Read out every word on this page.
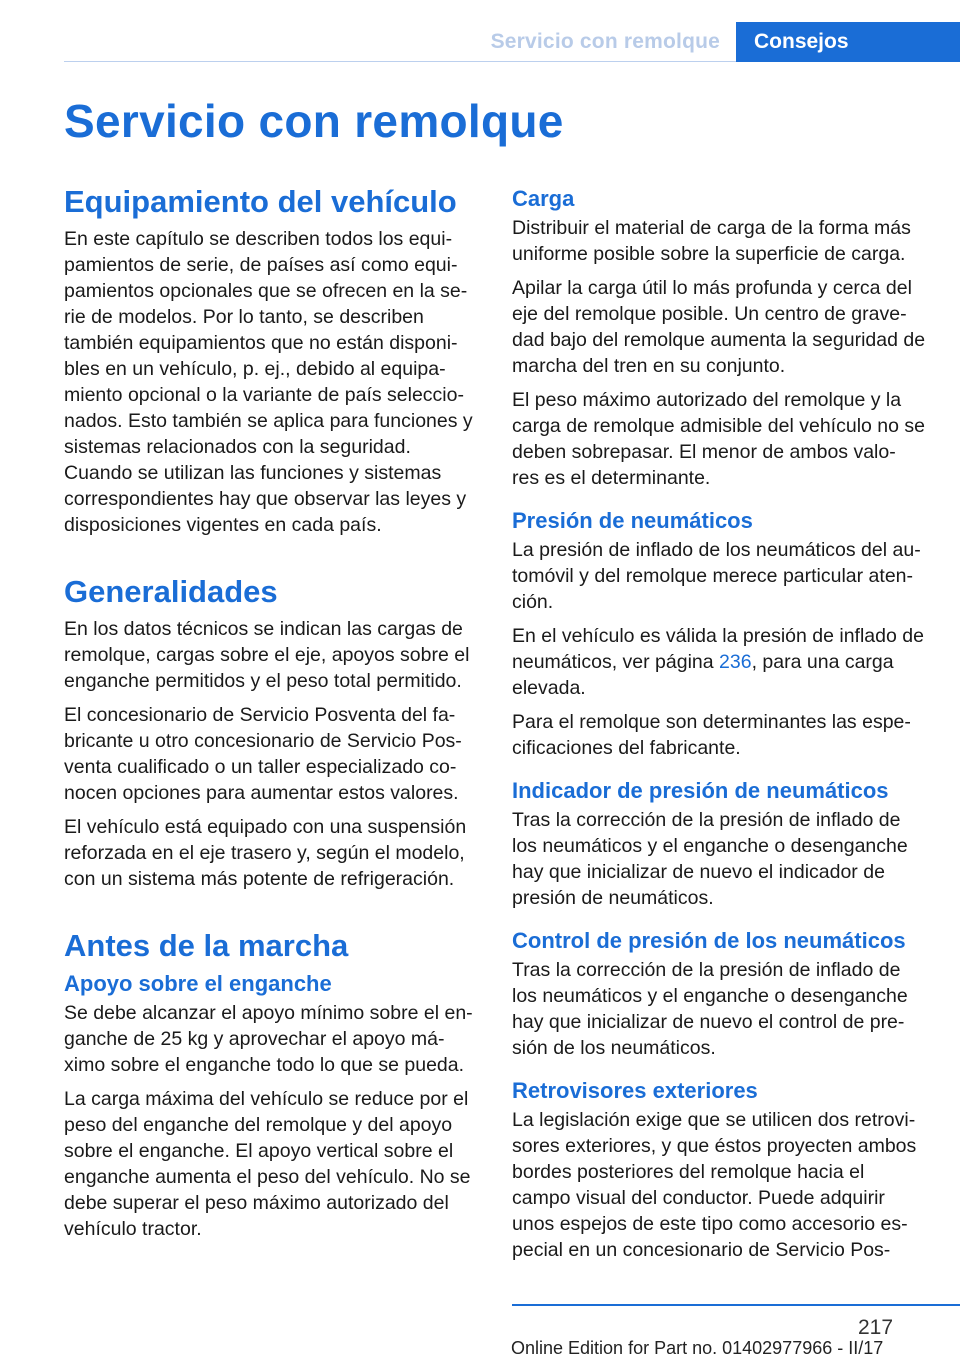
Servicio con remolque	Consejos
Servicio con remolque
Equipamiento del vehículo

En este capítulo se describen todos los equi‐ pamientos de serie, de países así como equi‐ pamientos opcionales que se ofrecen en la se‐ rie de modelos. Por lo tanto, se describen también equipamientos que no están disponi‐ bles en un vehículo, p. ej., debido al equipa‐ miento opcional o la variante de país seleccio‐ nados. Esto también se aplica para funciones y sistemas relacionados con la seguridad.

Cuando se utilizan las funciones y sistemas correspondientes hay que observar las leyes y disposiciones vigentes en cada país.

Generalidades

En los datos técnicos se indican las cargas de remolque, cargas sobre el eje, apoyos sobre el enganche permitidos y el peso total permitido.

El concesionario de Servicio Posventa del fa‐ bricante u otro concesionario de Servicio Pos‐ venta cualificado o un taller especializado co‐ nocen opciones para aumentar estos valores.

El vehículo está equipado con una suspensión reforzada en el eje trasero y, según el modelo, con un sistema más potente de refrigeración.

Antes de la marcha
Apoyo sobre el enganche

Se debe alcanzar el apoyo mínimo sobre el en‐ ganche de 25 kg y aprovechar el apoyo má‐ ximo sobre el enganche todo lo que se pueda.

La carga máxima del vehículo se reduce por el peso del enganche del remolque y del apoyo sobre el enganche. El apoyo vertical sobre el enganche aumenta el peso del vehículo. No se debe superar el peso máximo autorizado del vehículo tractor.

Carga

Distribuir el material de carga de la forma más uniforme posible sobre la superficie de carga.

Apilar la carga útil lo más profunda y cerca del eje del remolque posible. Un centro de grave‐ dad bajo del remolque aumenta la seguridad de marcha del tren en su conjunto.

El peso máximo autorizado del remolque y la carga de remolque admisible del vehículo no se deben sobrepasar. El menor de ambos valo‐ res es el determinante.

Presión de neumáticos

La presión de inflado de los neumáticos del au‐ tomóvil y del remolque merece particular aten‐ ción.

En el vehículo es válida la presión de inflado de neumáticos, ver página 236, para una carga elevada.

Para el remolque son determinantes las espe‐ cificaciones del fabricante.

Indicador de presión de neumáticos

Tras la corrección de la presión de inflado de los neumáticos y el enganche o desenganche hay que inicializar de nuevo el indicador de presión de neumáticos.

Control de presión de los neumáticos

Tras la corrección de la presión de inflado de los neumáticos y el enganche o desenganche hay que inicializar de nuevo el control de pre‐ sión de los neumáticos.

Retrovisores exteriores

La legislación exige que se utilicen dos retrovi‐ sores exteriores, y que éstos proyecten ambos bordes posteriores del remolque hacia el campo visual del conductor. Puede adquirir unos espejos de este tipo como accesorio es‐ pecial en un concesionario de Servicio Pos‐

217
Online Edition for Part no. 01402977966 - II/17
